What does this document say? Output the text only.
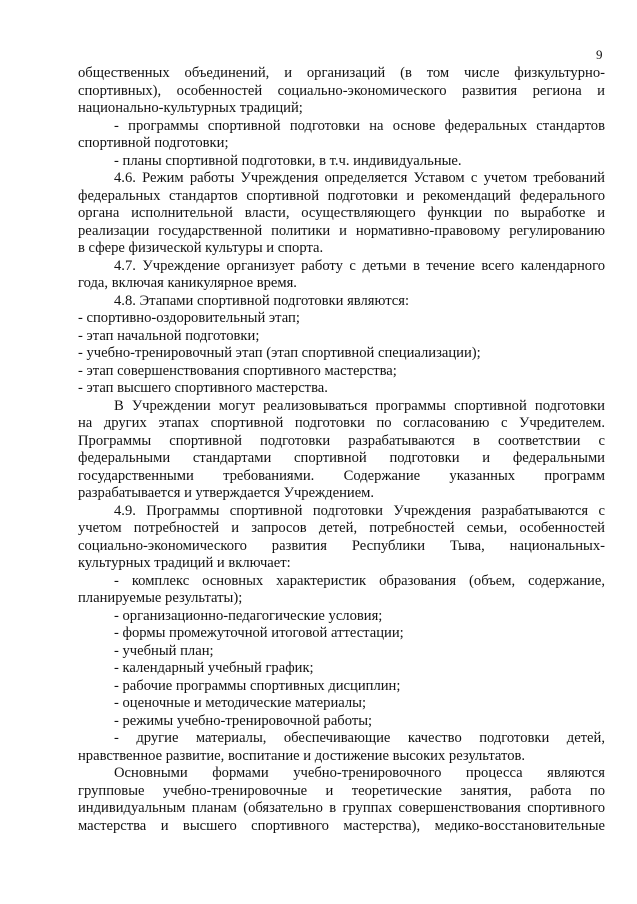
9
общественных объединений, и организаций (в том числе физкультурно-
спортивных), особенностей социально-экономического развития региона и
национально-культурных традиций;
- программы спортивной подготовки на основе федеральных стандартов
спортивной подготовки;
- планы спортивной подготовки, в т.ч. индивидуальные.
4.6. Режим работы Учреждения определяется Уставом с учетом требований
федеральных стандартов спортивной подготовки и рекомендаций федерального
органа исполнительной власти, осуществляющего функции по выработке и
реализации государственной политики и нормативно-правовому регулированию
в сфере физической культуры и спорта.
4.7. Учреждение организует работу с детьми в течение всего календарного
года, включая каникулярное время.
4.8. Этапами спортивной подготовки являются:
- спортивно-оздоровительный этап;
- этап начальной подготовки;
- учебно-тренировочный этап (этап спортивной специализации);
- этап совершенствования спортивного мастерства;
- этап высшего спортивного мастерства.
В Учреждении могут реализовываться программы спортивной подготовки
на других этапах спортивной подготовки по согласованию с Учредителем.
Программы спортивной подготовки разрабатываются в соответствии с
федеральными стандартами спортивной подготовки и федеральными
государственными требованиями. Содержание указанных программ
разрабатывается и утверждается Учреждением.
4.9. Программы спортивной подготовки Учреждения разрабатываются с
учетом потребностей и запросов детей, потребностей семьи, особенностей
социально-экономического развития Республики Тыва, национальных-
культурных традиций и включает:
- комплекс основных характеристик образования (объем, содержание,
планируемые результаты);
- организационно-педагогические условия;
- формы промежуточной итоговой аттестации;
- учебный план;
- календарный учебный график;
- рабочие программы спортивных дисциплин;
- оценочные и методические материалы;
- режимы учебно-тренировочной работы;
- другие материалы, обеспечивающие качество подготовки детей,
нравственное развитие, воспитание и достижение высоких результатов.
Основными формами учебно-тренировочного процесса являются
групповые учебно-тренировочные и теоретические занятия, работа по
индивидуальным планам (обязательно в группах совершенствования спортивного
мастерства и высшего спортивного мастерства), медико-восстановительные
